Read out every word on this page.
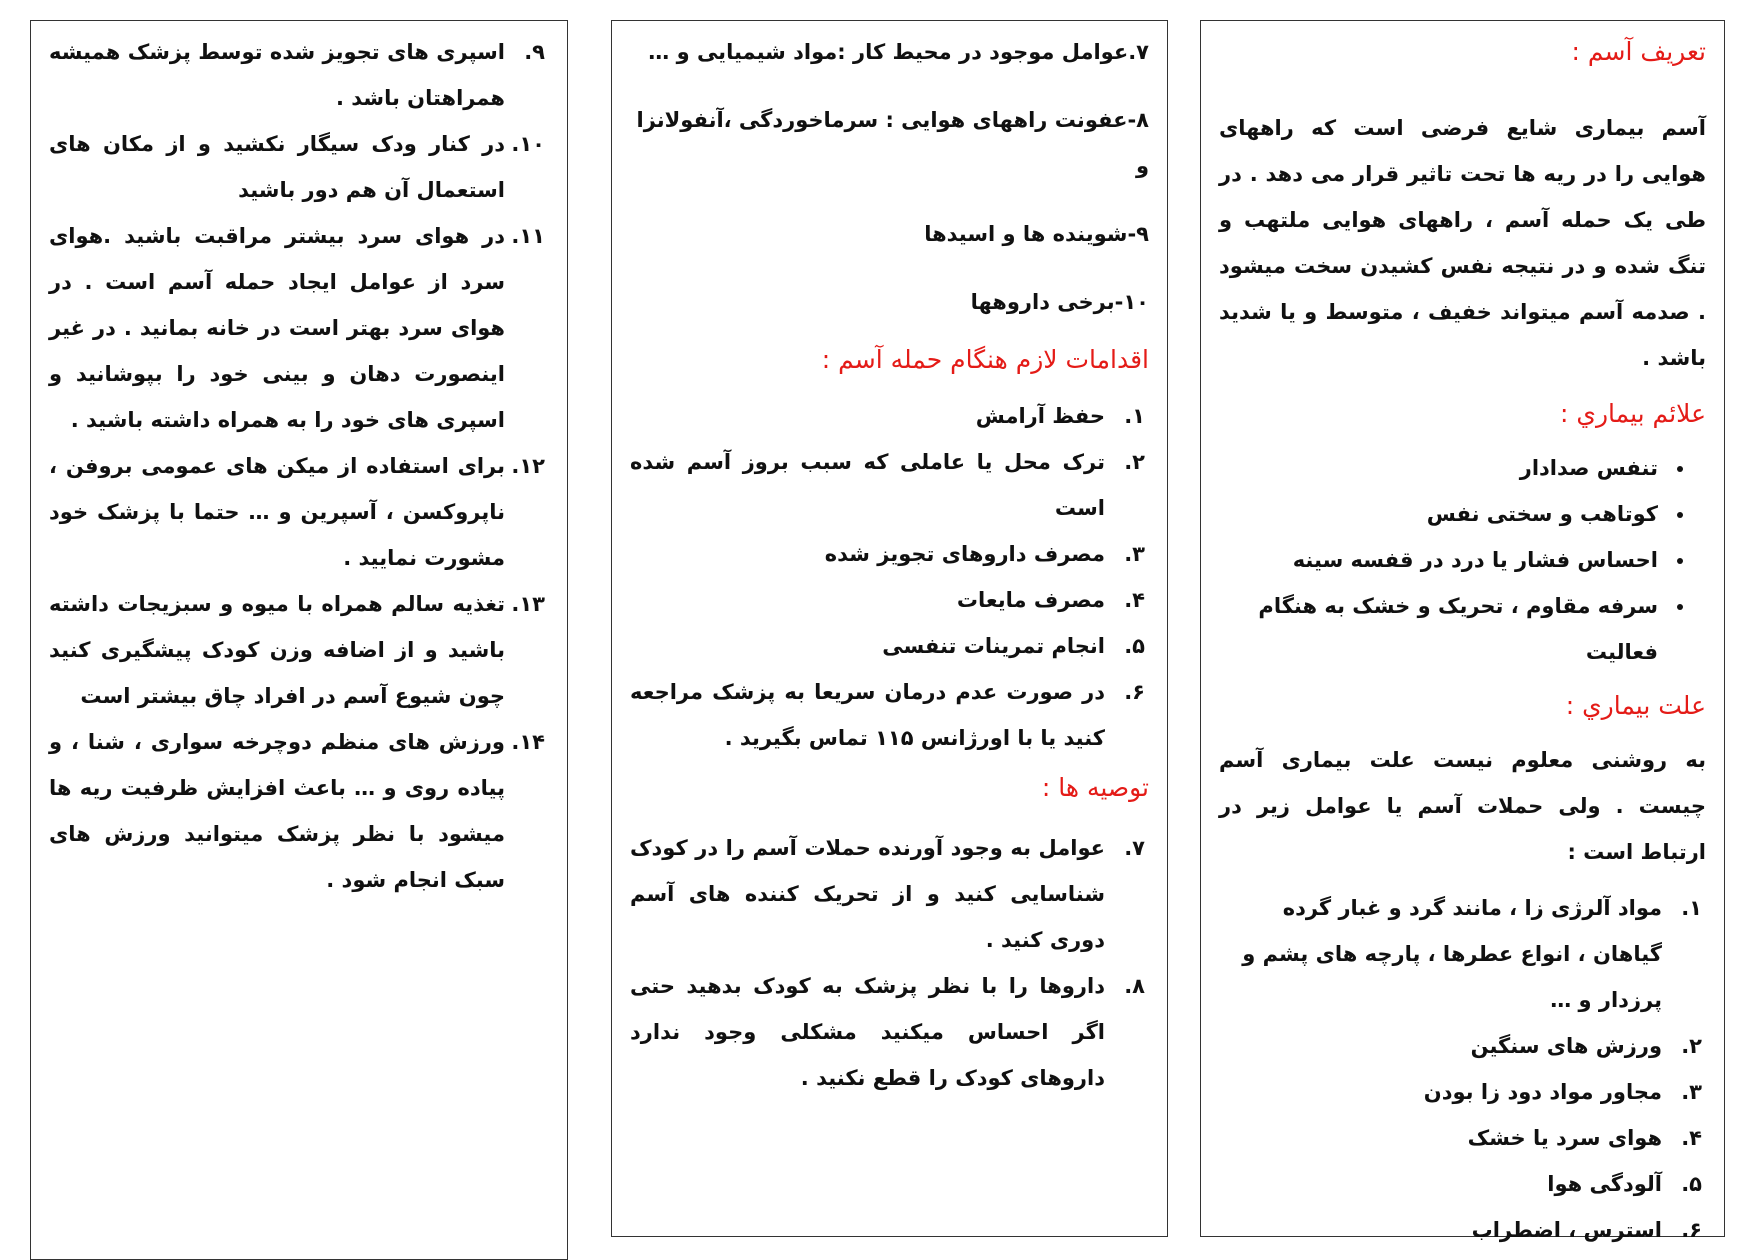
تعريف آسم :

آسم بیماری شایع فرضی است که راههای هوایی را در ریه ها تحت تاثیر قرار می دهد . در طی یک حمله آسم ، راههای هوایی ملتهب و تنگ شده و در نتیجه نفس کشیدن سخت میشود . صدمه آسم میتواند خفیف ، متوسط و یا شدید باشد .

علائم بيماري :
• تنفس صدادار
• کوتاهب و سختی نفس
• احساس فشار یا درد در قفسه سینه
• سرفه مقاوم ، تحریک و خشک به هنگام فعالیت
علت بيماري :

به روشنی معلوم نیست علت بیماری آسم چیست . ولی حملات آسم یا عوامل زیر در ارتباط است :

۱.
مواد آلرژی زا ، مانند گرد و غبار گرده گیاهان ، انواع عطرها ، پارچه های پشم و پرزدار و …
۲.
ورزش های سنگین
۳.
مجاور مواد دود زا بودن
۴.
هوای سرد یا خشک
۵.
آلودگی هوا
۶.
استرس ، اضطراب

۷.عوامل موجود در محیط کار :مواد شیمیایی و …

۸-عفونت راههای هوایی : سرماخوردگی ،آنفولانزا و

۹-شوینده ها و اسیدها

۱۰-برخی داروهها

اقدامات لازم هنگام حمله آسم :
۱.
حفظ آرامش
۲.
ترک محل یا عاملی که سبب بروز آسم شده است
۳.
مصرف داروهای تجویز شده
۴.
مصرف مایعات
۵.
انجام تمرینات تنفسی
۶.
در صورت عدم درمان سریعا به پزشک مراجعه کنید یا با اورژانس ۱۱۵ تماس بگیرید .
توصیه ها :
۷.
عوامل به وجود آورنده حملات آسم را در کودک شناسایی کنید و از تحریک کننده های آسم دوری کنید .
۸.
داروها را با نظر پزشک به کودک بدهید حتی اگر احساس میکنید مشکلی وجود ندارد داروهای کودک را قطع نکنید .
۹.
اسپری های تجویز شده توسط پزشک همیشه همراهتان باشد .
۱۰.
در کنار ودک سیگار نکشید و از مکان های استعمال آن هم دور باشید
۱۱.
در هوای سرد بیشتر مراقبت باشید .هوای سرد از عوامل ایجاد حمله آسم است . در هوای سرد بهتر است در خانه بمانید . در غیر اینصورت دهان و بینی خود را بپوشانید و اسپری های خود را به همراه داشته باشید .
۱۲.
برای استفاده از میکن های عمومی بروفن ، ناپروکسن ، آسپرین و … حتما با پزشک خود مشورت نمایید .
۱۳.
تغذیه سالم همراه با میوه و سبزیجات داشته باشید و از اضافه وزن کودک پیشگیری کنید چون شیوع آسم در افراد چاق بیشتر است
۱۴.
ورزش های منظم دوچرخه سواری ، شنا ، و پیاده روی و … باعث افزایش ظرفیت ریه ها میشود با نظر پزشک میتوانید ورزش های سبک انجام شود .
